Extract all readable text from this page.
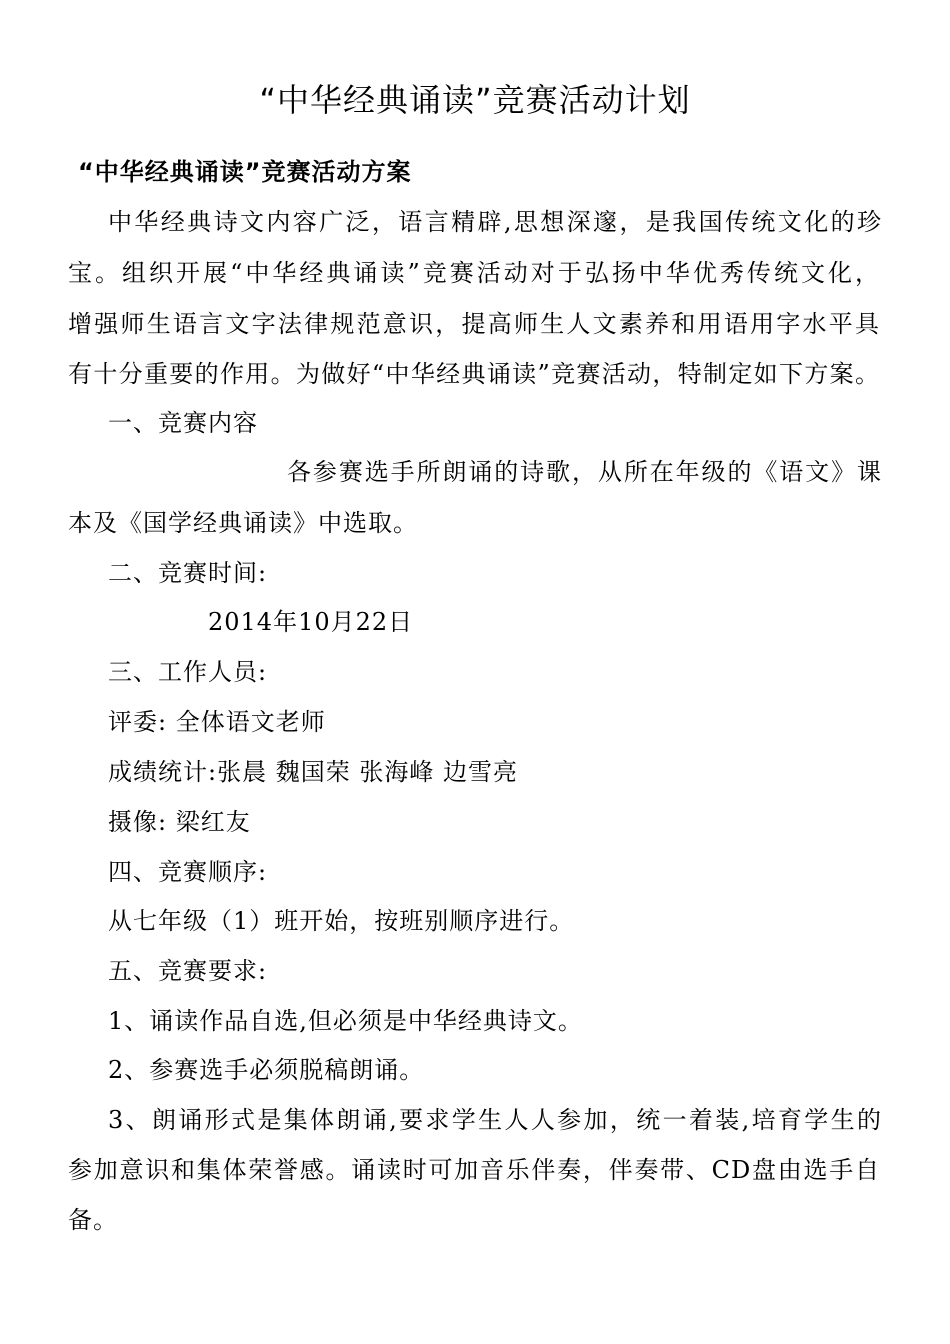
“中华经典诵读”竞赛活动计划
“中华经典诵读”竞赛活动方案
中华经典诗文内容广泛，语言精辟,思想深邃，是我国传统文化的珍
宝。组织开展“中华经典诵读”竞赛活动对于弘扬中华优秀传统文化，
增强师生语言文字法律规范意识，提高师生人文素养和用语用字水平具
有十分重要的作用。为做好“中华经典诵读”竞赛活动，特制定如下方案。
一、竞赛内容
各参赛选手所朗诵的诗歌，从所在年级的《语文》课
本及《国学经典诵读》中选取。
二、竞赛时间:
2014年10月22日
三、工作人员:
评委: 全体语文老师
成绩统计:张晨 魏国荣 张海峰 边雪亮
摄像: 梁红友
四、竞赛顺序:
从七年级（1）班开始，按班别顺序进行。
五、竞赛要求:
1、诵读作品自选,但必须是中华经典诗文。
2、参赛选手必须脱稿朗诵。
3、朗诵形式是集体朗诵,要求学生人人参加，统一着装,培育学生的
参加意识和集体荣誉感。诵读时可加音乐伴奏，伴奏带、CD盘由选手自
备。
